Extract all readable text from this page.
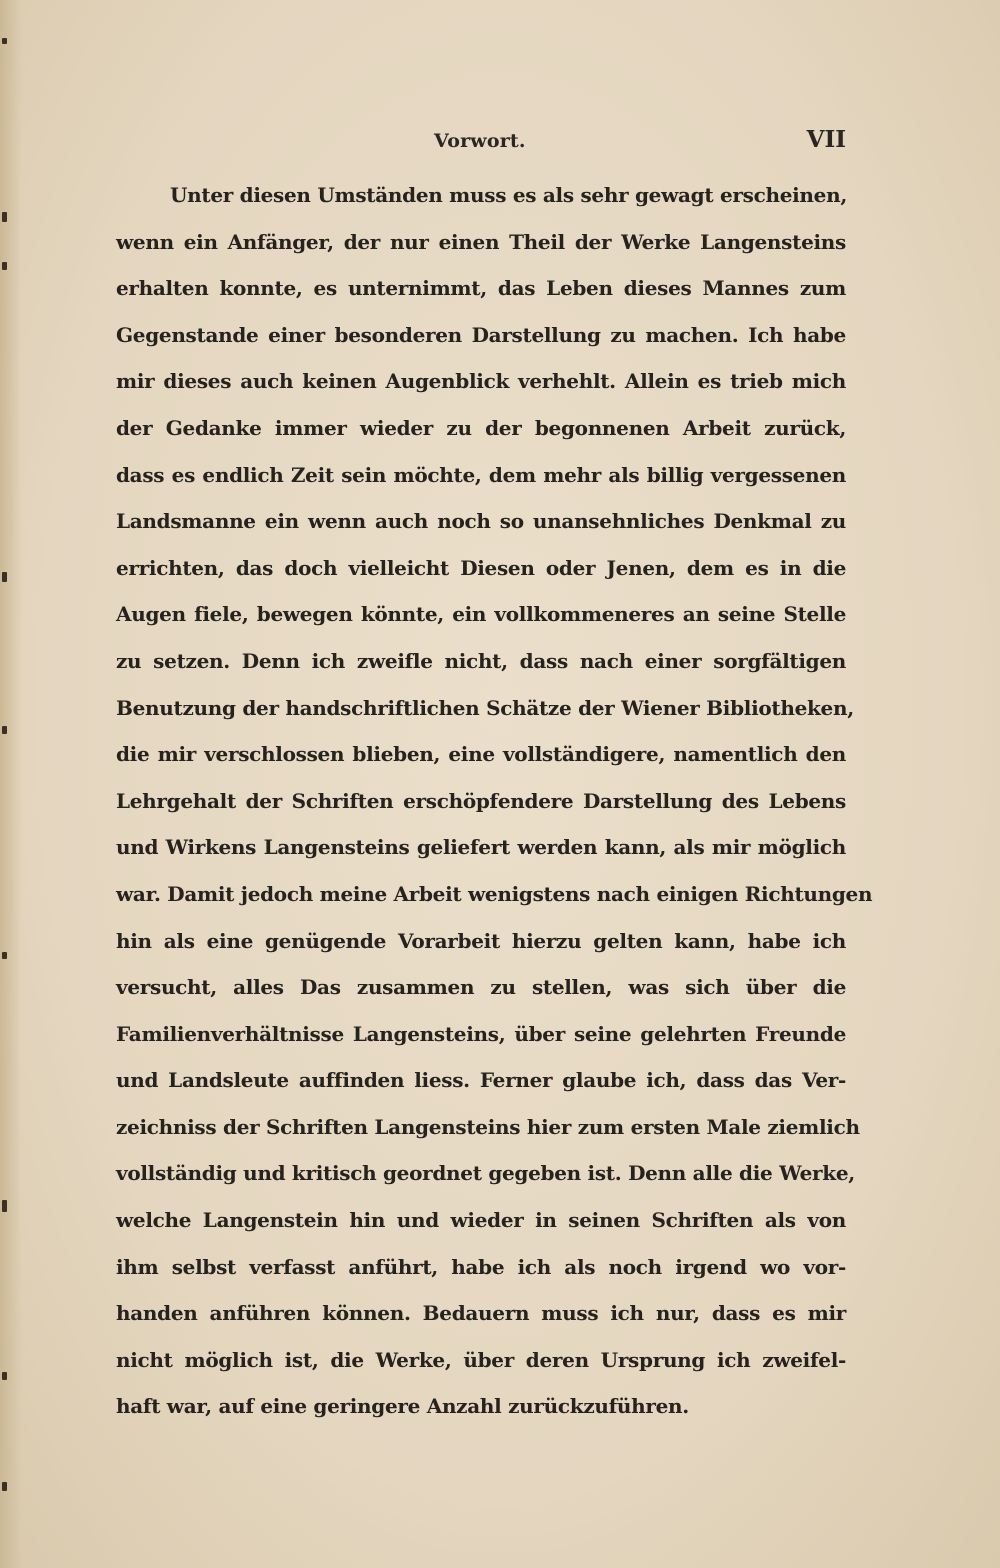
Vorwort.	VII
Unter diesen Umständen muss es als sehr gewagt erscheinen,
wenn ein Anfänger, der nur einen Theil der Werke Langensteins
erhalten konnte, es unternimmt, das Leben dieses Mannes zum
Gegenstande einer besonderen Darstellung zu machen. Ich habe
mir dieses auch keinen Augenblick verhehlt. Allein es trieb mich
der Gedanke immer wieder zu der begonnenen Arbeit zurück,
dass es endlich Zeit sein möchte, dem mehr als billig vergessenen
Landsmanne ein wenn auch noch so unansehnliches Denkmal zu
errichten, das doch vielleicht Diesen oder Jenen, dem es in die
Augen fiele, bewegen könnte, ein vollkommeneres an seine Stelle
zu setzen. Denn ich zweifle nicht, dass nach einer sorgfältigen
Benutzung der handschriftlichen Schätze der Wiener Bibliotheken,
die mir verschlossen blieben, eine vollständigere, namentlich den
Lehrgehalt der Schriften erschöpfendere Darstellung des Lebens
und Wirkens Langensteins geliefert werden kann, als mir möglich
war. Damit jedoch meine Arbeit wenigstens nach einigen Richtungen
hin als eine genügende Vorarbeit hierzu gelten kann, habe ich
versucht, alles Das zusammen zu stellen, was sich über die
Familienverhältnisse Langensteins, über seine gelehrten Freunde
und Landsleute auffinden liess. Ferner glaube ich, dass das Ver-
zeichniss der Schriften Langensteins hier zum ersten Male ziemlich
vollständig und kritisch geordnet gegeben ist. Denn alle die Werke,
welche Langenstein hin und wieder in seinen Schriften als von
ihm selbst verfasst anführt, habe ich als noch irgend wo vor-
handen anführen können. Bedauern muss ich nur, dass es mir
nicht möglich ist, die Werke, über deren Ursprung ich zweifel-
haft war, auf eine geringere Anzahl zurückzuführen.
